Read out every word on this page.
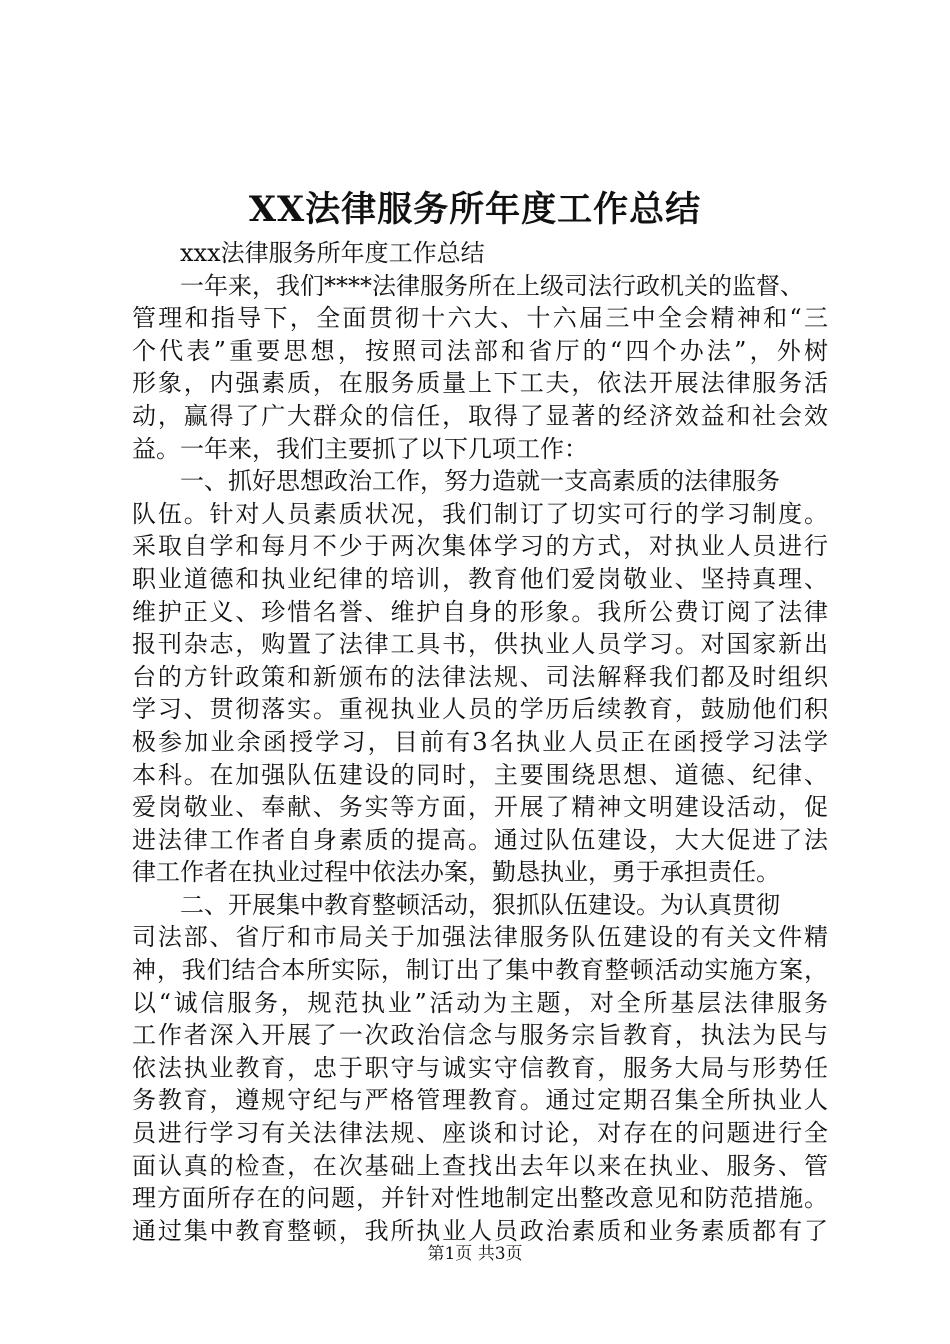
XX法律服务所年度工作总结
xxx法律服务所年度工作总结
一年来，我们****法律服务所在上级司法行政机关的监督、
管理和指导下，全面贯彻十六大、十六届三中全会精神和“三
个代表”重要思想，按照司法部和省厅的“四个办法”，外树
形象，内强素质，在服务质量上下工夫，依法开展法律服务活
动，赢得了广大群众的信任，取得了显著的经济效益和社会效
益。一年来，我们主要抓了以下几项工作：
一、抓好思想政治工作，努力造就一支高素质的法律服务
队伍。针对人员素质状况，我们制订了切实可行的学习制度。
采取自学和每月不少于两次集体学习的方式，对执业人员进行
职业道德和执业纪律的培训，教育他们爱岗敬业、坚持真理、
维护正义、珍惜名誉、维护自身的形象。我所公费订阅了法律
报刊杂志，购置了法律工具书，供执业人员学习。对国家新出
台的方针政策和新颁布的法律法规、司法解释我们都及时组织
学习、贯彻落实。重视执业人员的学历后续教育，鼓励他们积
极参加业余函授学习，目前有3名执业人员正在函授学习法学
本科。在加强队伍建设的同时，主要围绕思想、道德、纪律、
爱岗敬业、奉献、务实等方面，开展了精神文明建设活动，促
进法律工作者自身素质的提高。通过队伍建设，大大促进了法
律工作者在执业过程中依法办案，勤恳执业，勇于承担责任。
二、开展集中教育整顿活动，狠抓队伍建设。为认真贯彻
司法部、省厅和市局关于加强法律服务队伍建设的有关文件精
神，我们结合本所实际，制订出了集中教育整顿活动实施方案，
以“诚信服务，规范执业”活动为主题，对全所基层法律服务
工作者深入开展了一次政治信念与服务宗旨教育，执法为民与
依法执业教育，忠于职守与诚实守信教育，服务大局与形势任
务教育，遵规守纪与严格管理教育。通过定期召集全所执业人
员进行学习有关法律法规、座谈和讨论，对存在的问题进行全
面认真的检查，在次基础上查找出去年以来在执业、服务、管
理方面所存在的问题，并针对性地制定出整改意见和防范措施。
通过集中教育整顿，我所执业人员政治素质和业务素质都有了
第1页 共3页
